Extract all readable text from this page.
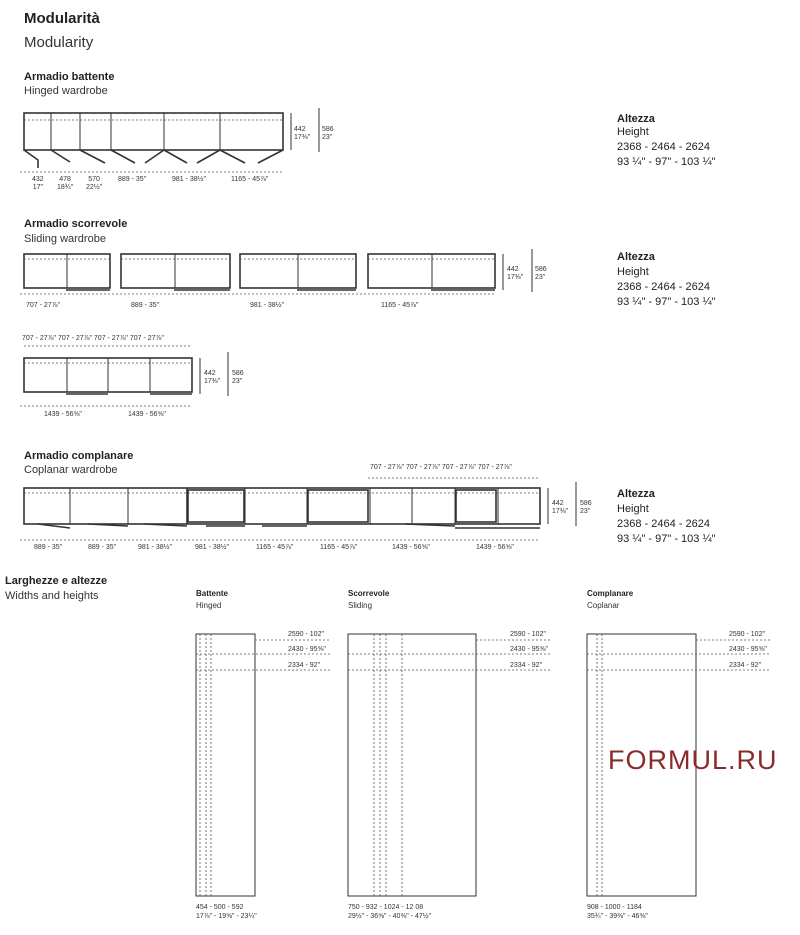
Modularità
Modularity
Armadio battente
Hinged wardrobe
442
17⅜"
586
23"
432
17"
478
18¾"
570
22½"
889 - 35"	981 - 38½"	1165 - 45⅞"
Altezza
Height
2368 - 2464 - 2624
93 ¼" - 97" - 103 ¼"
Armadio scorrevole
Sliding wardrobe
442
17⅜"
586
23"
707 - 27⅞"	889 - 35"	981 - 38½"	1165 - 45⅞"
Altezza
Height
2368 - 2464 - 2624
93 ¼" - 97" - 103 ¼"
707 - 27⅞" 707 - 27⅞" 707 - 27⅞" 707 - 27⅞"
442
17⅜"
586
23"
1439 - 56⅝"	1439 - 56⅝"
Armadio complanare
Coplanar wardrobe	707 - 27⅞" 707 - 27⅞" 707 - 27⅞" 707 - 27⅞"
442
17⅜"
586
23"
889 - 35"	889 - 35"	981 - 38½"	981 - 38½"	1165 - 45⅞"	1165 - 45⅞"	1439 - 56⅝"	1439 - 56⅝"
Altezza
Height
2368 - 2464 - 2624
93 ¼" - 97" - 103 ¼"
Larghezze e altezze
Widths and heights	Battente
Hinged
Scorrevole
Sliding
Complanare
Coplanar
2590 - 102"
2430 - 95⅝"
2334 - 92"
2590 - 102"
2430 - 95⅝"
2334 - 92"
2590 - 102"
2430 - 95⅝"
2334 - 92"
454 - 500 - 592
17⅞" - 19⅝" - 23¼"
750 - 932 - 1024 - 12 08
29½" - 36⅝" - 40⅜" - 47½"
908 - 1000 - 1184
35¾" - 39⅜" - 46⅝"
FORMUL.RU
